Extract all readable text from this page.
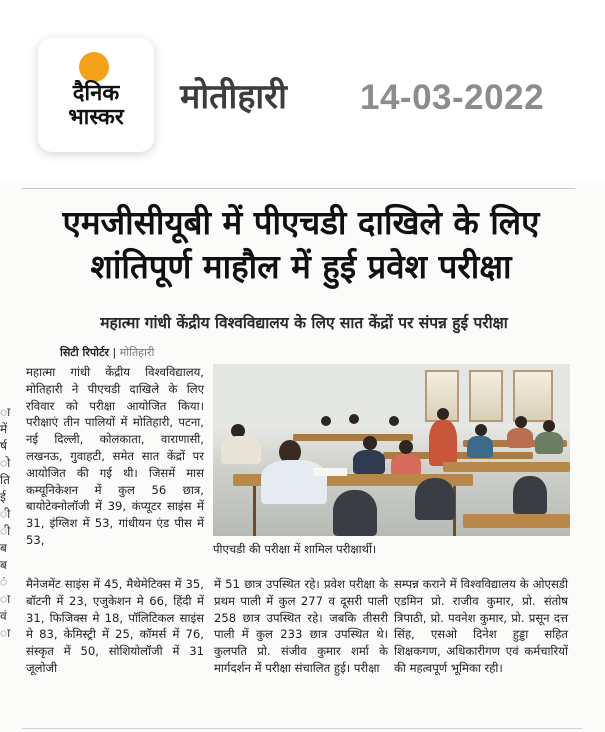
दैनिक
भास्कर
मोतीहारी 14-03-2022
ा
में
र्ष
ो
ति
ई
ी
ी
ब
ब
ं
ा
वं
ा
एमजीसीयूबी में पीएचडी दाखिले के लिए
शांतिपूर्ण माहौल में हुई प्रवेश परीक्षा
महात्मा गांधी केंद्रीय विश्वविद्यालय के लिए सात केंद्रों पर संपन्न हुई परीक्षा
सिटी रिपोर्टर | मोतिहारी

महात्मा गांधी केंद्रीय विश्वविद्यालय, मोतिहारी ने पीएचडी दाखिले के लिए रविवार को परीक्षा आयोजित किया। परीक्षाएं तीन पालियों में मोतिहारी, पटना, नई दिल्ली, कोलकाता, वाराणासी, लखनऊ, गुवाहटी, समेत सात केंद्रों पर आयोजित की गई थी। जिसमें मास कम्यूनिकेशन में कुल 56 छात्र, बायोटेक्नोलॉजी में 39, कंप्यूटर साइंस में 31, इंग्लिश में 53, गांधीयन एंड पीस में 53,

पीएचडी की परीक्षा में शामिल परीक्षार्थी।

मैनेजमेंट साइंस में 45, मैथेमेटिक्स में 35, बॉटनी में 23, एजुकेशन मे 66, हिंदी में 31, फिजिक्स मे 18, पॉलिटिकल साइंस मे 83, केमिस्ट्री में 25, कॉमर्स में 76, संस्कृत में 50, सोशियोलॉजी में 31 जूलोजी

में 51 छात्र उपस्थित रहे। प्रवेश परीक्षा के प्रथम पाली में कुल 277 व दूसरी पाली 258 छात्र उपस्थित रहे। जबकि तीसरी पाली में कुल 233 छात्र उपस्थित थे। कुलपति प्रो. संजीव कुमार शर्मा के मार्गदर्शन में परीक्षा संचालित हुई। परीक्षा

सम्पन्न कराने में विश्वविद्यालय के ओएसडी एडमिन प्रो. राजीव कुमार, प्रो. संतोष त्रिपाठी, प्रो. पवनेश कुमार, प्रो. प्रसून दत्त सिंह, एसओ दिनेश हुड्डा सहित शिक्षकगण, अधिकारीगण एवं कर्मचारियों की महत्वपूर्ण भूमिका रही।
